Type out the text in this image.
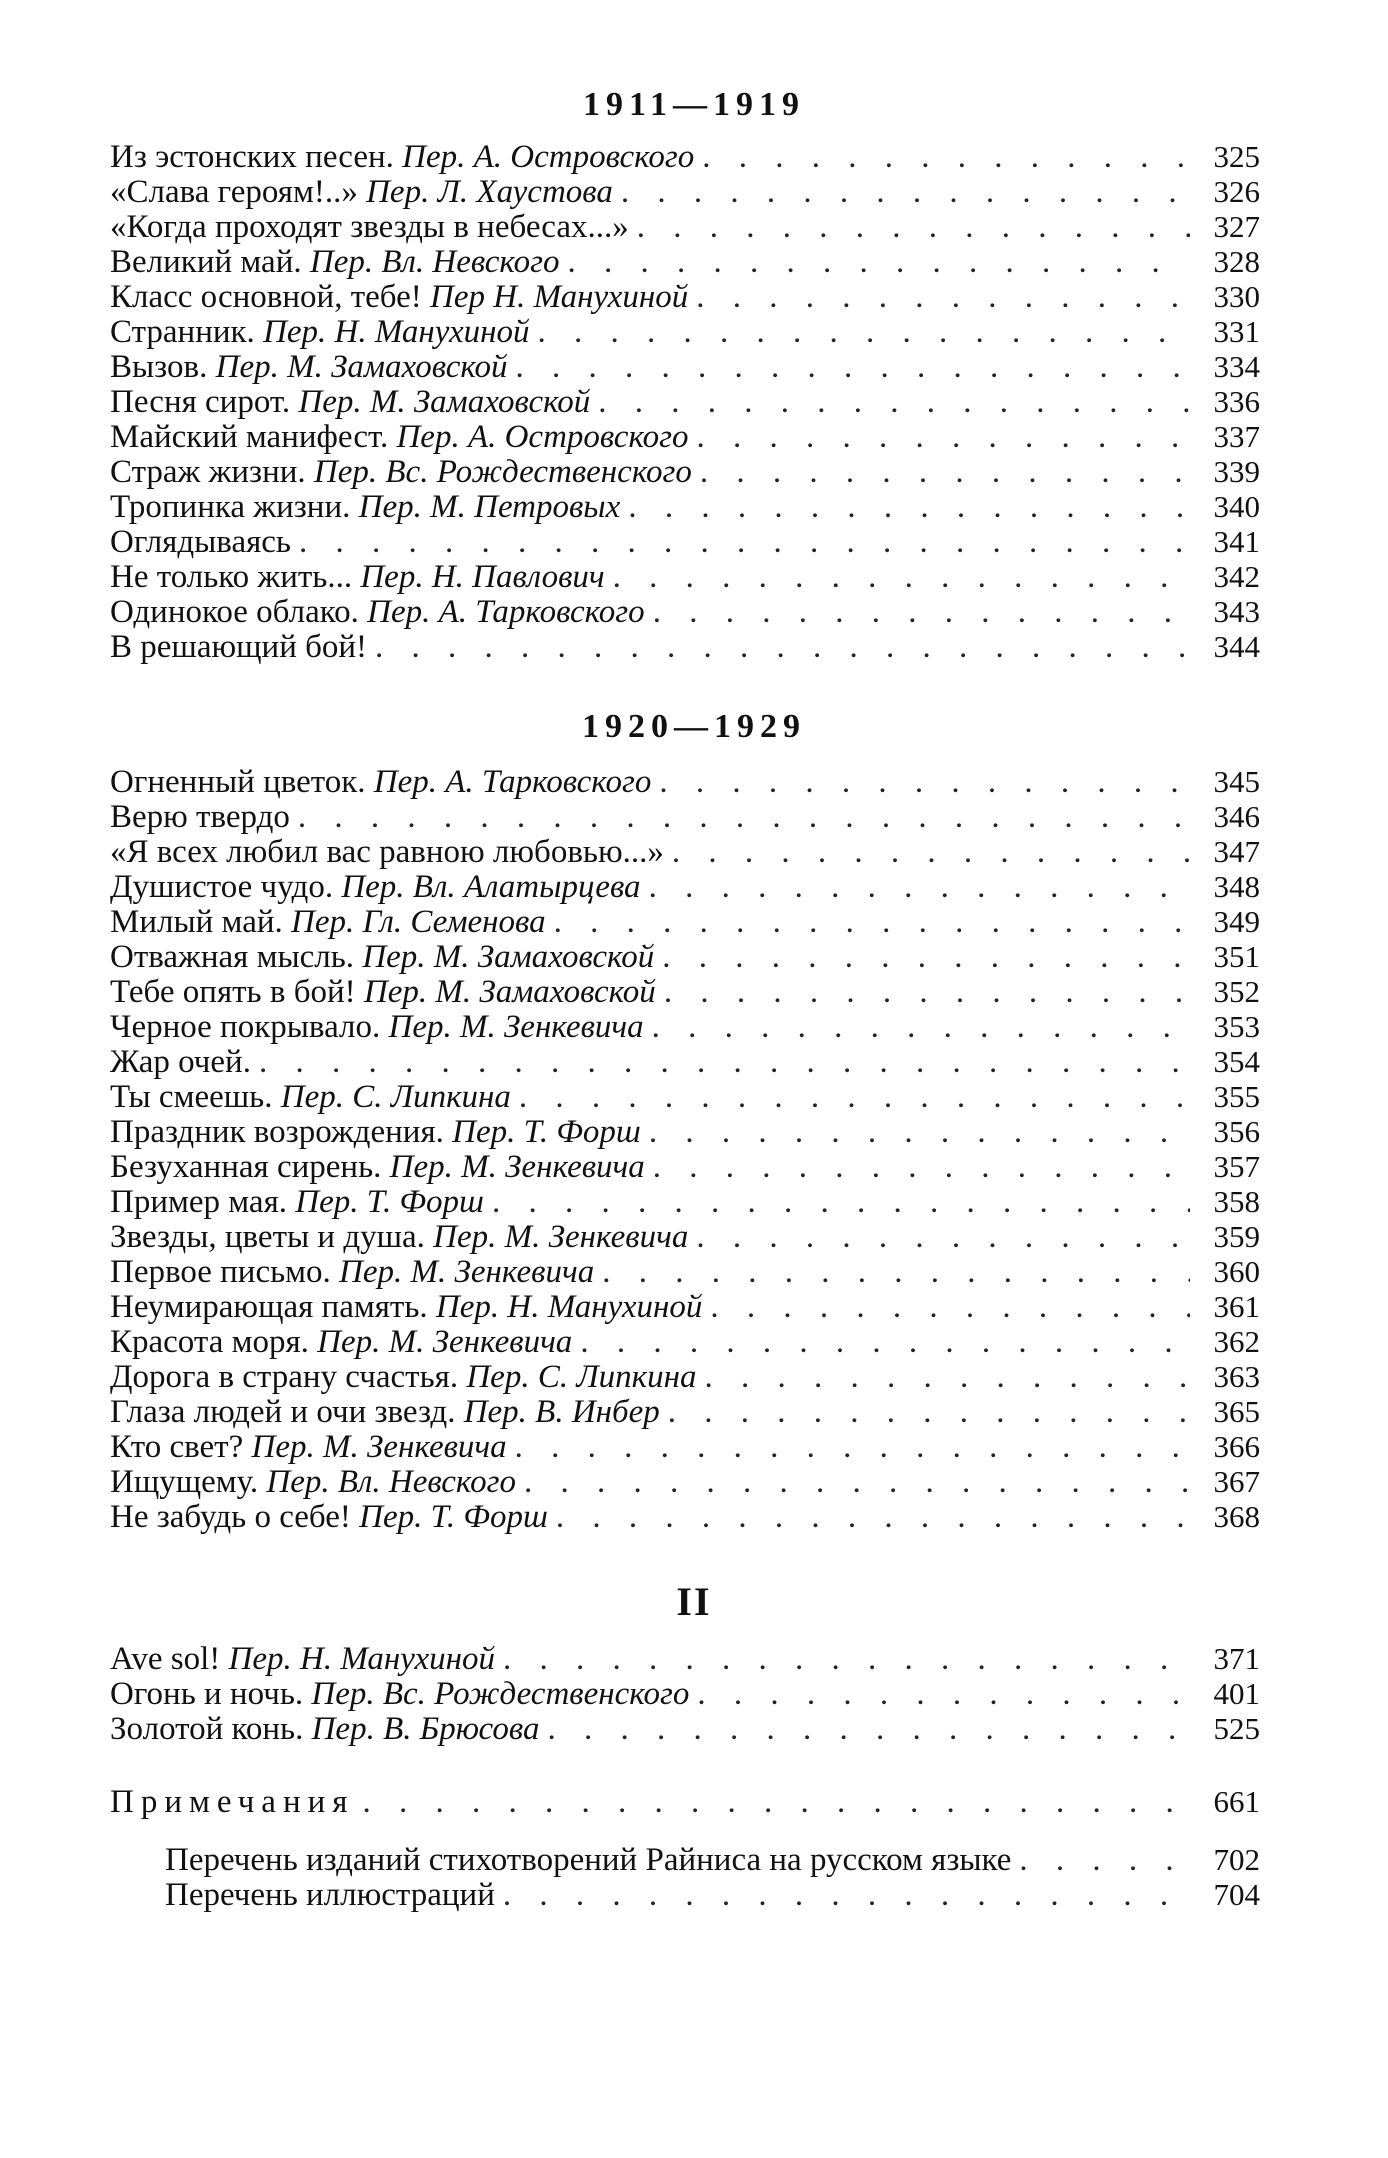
1911—1919
Из эстонских песен. Пер. А. Островского . . .	325
«Слава героям!..» Пер. Л. Хаустова . . .	326
«Когда проходят звезды в небесах...» . . .	327
Великий май. Пер. Вл. Невского . . .	328
Класс основной, тебе! Пер Н. Манухиной . . .	330
Странник. Пер. Н. Манухиной . . .	331
Вызов. Пер. М. Замаховской . . .	334
Песня сирот. Пер. М. Замаховской . . .	336
Майский манифест. Пер. А. Островского . . .	337
Страж жизни. Пер. Вс. Рождественского . . .	339
Тропинка жизни. Пер. М. Петровых . . .	340
Оглядываясь . . .	341
Не только жить... Пер. Н. Павлович . . .	342
Одинокое облако. Пер. А. Тарковского . . .	343
В решающий бой! . . .	344
1920—1929
Огненный цветок. Пер. А. Тарковского . . .	345
Верю твердо . . .	346
«Я всех любил вас равною любовью...» . . .	347
Душистое чудо. Пер. Вл. Алатырцева . . .	348
Милый май. Пер. Гл. Семенова . . .	349
Отважная мысль. Пер. М. Замаховской . . .	351
Тебе опять в бой! Пер. М. Замаховской . . .	352
Черное покрывало. Пер. М. Зенкевича . . .	353
Жар очей. . . .	354
Ты смеешь. Пер. С. Липкина . . .	355
Праздник возрождения. Пер. Т. Форш . . .	356
Безуханная сирень. Пер. М. Зенкевича . . .	357
Пример мая. Пер. Т. Форш . . .	358
Звезды, цветы и душа. Пер. М. Зенкевича . . .	359
Первое письмо. Пер. М. Зенкевича . . .	360
Неумирающая память. Пер. Н. Манухиной . . .	361
Красота моря. Пер. М. Зенкевича . . .	362
Дорога в страну счастья. Пер. С. Липкина . . .	363
Глаза людей и очи звезд. Пер. В. Инбер . . .	365
Кто свет? Пер. М. Зенкевича . . .	366
Ищущему. Пер. Вл. Невского . . .	367
Не забудь о себе! Пер. Т. Форш . . .	368
II
Ave sol! Пер. Н. Манухиной . . .	371
Огонь и ночь. Пер. Вс. Рождественского . . .	401
Золотой конь. Пер. В. Брюсова . . .	525
Примечания . . .	661
Перечень изданий стихотворений Райниса на русском языке . . .	702
Перечень иллюстраций . . .	704
